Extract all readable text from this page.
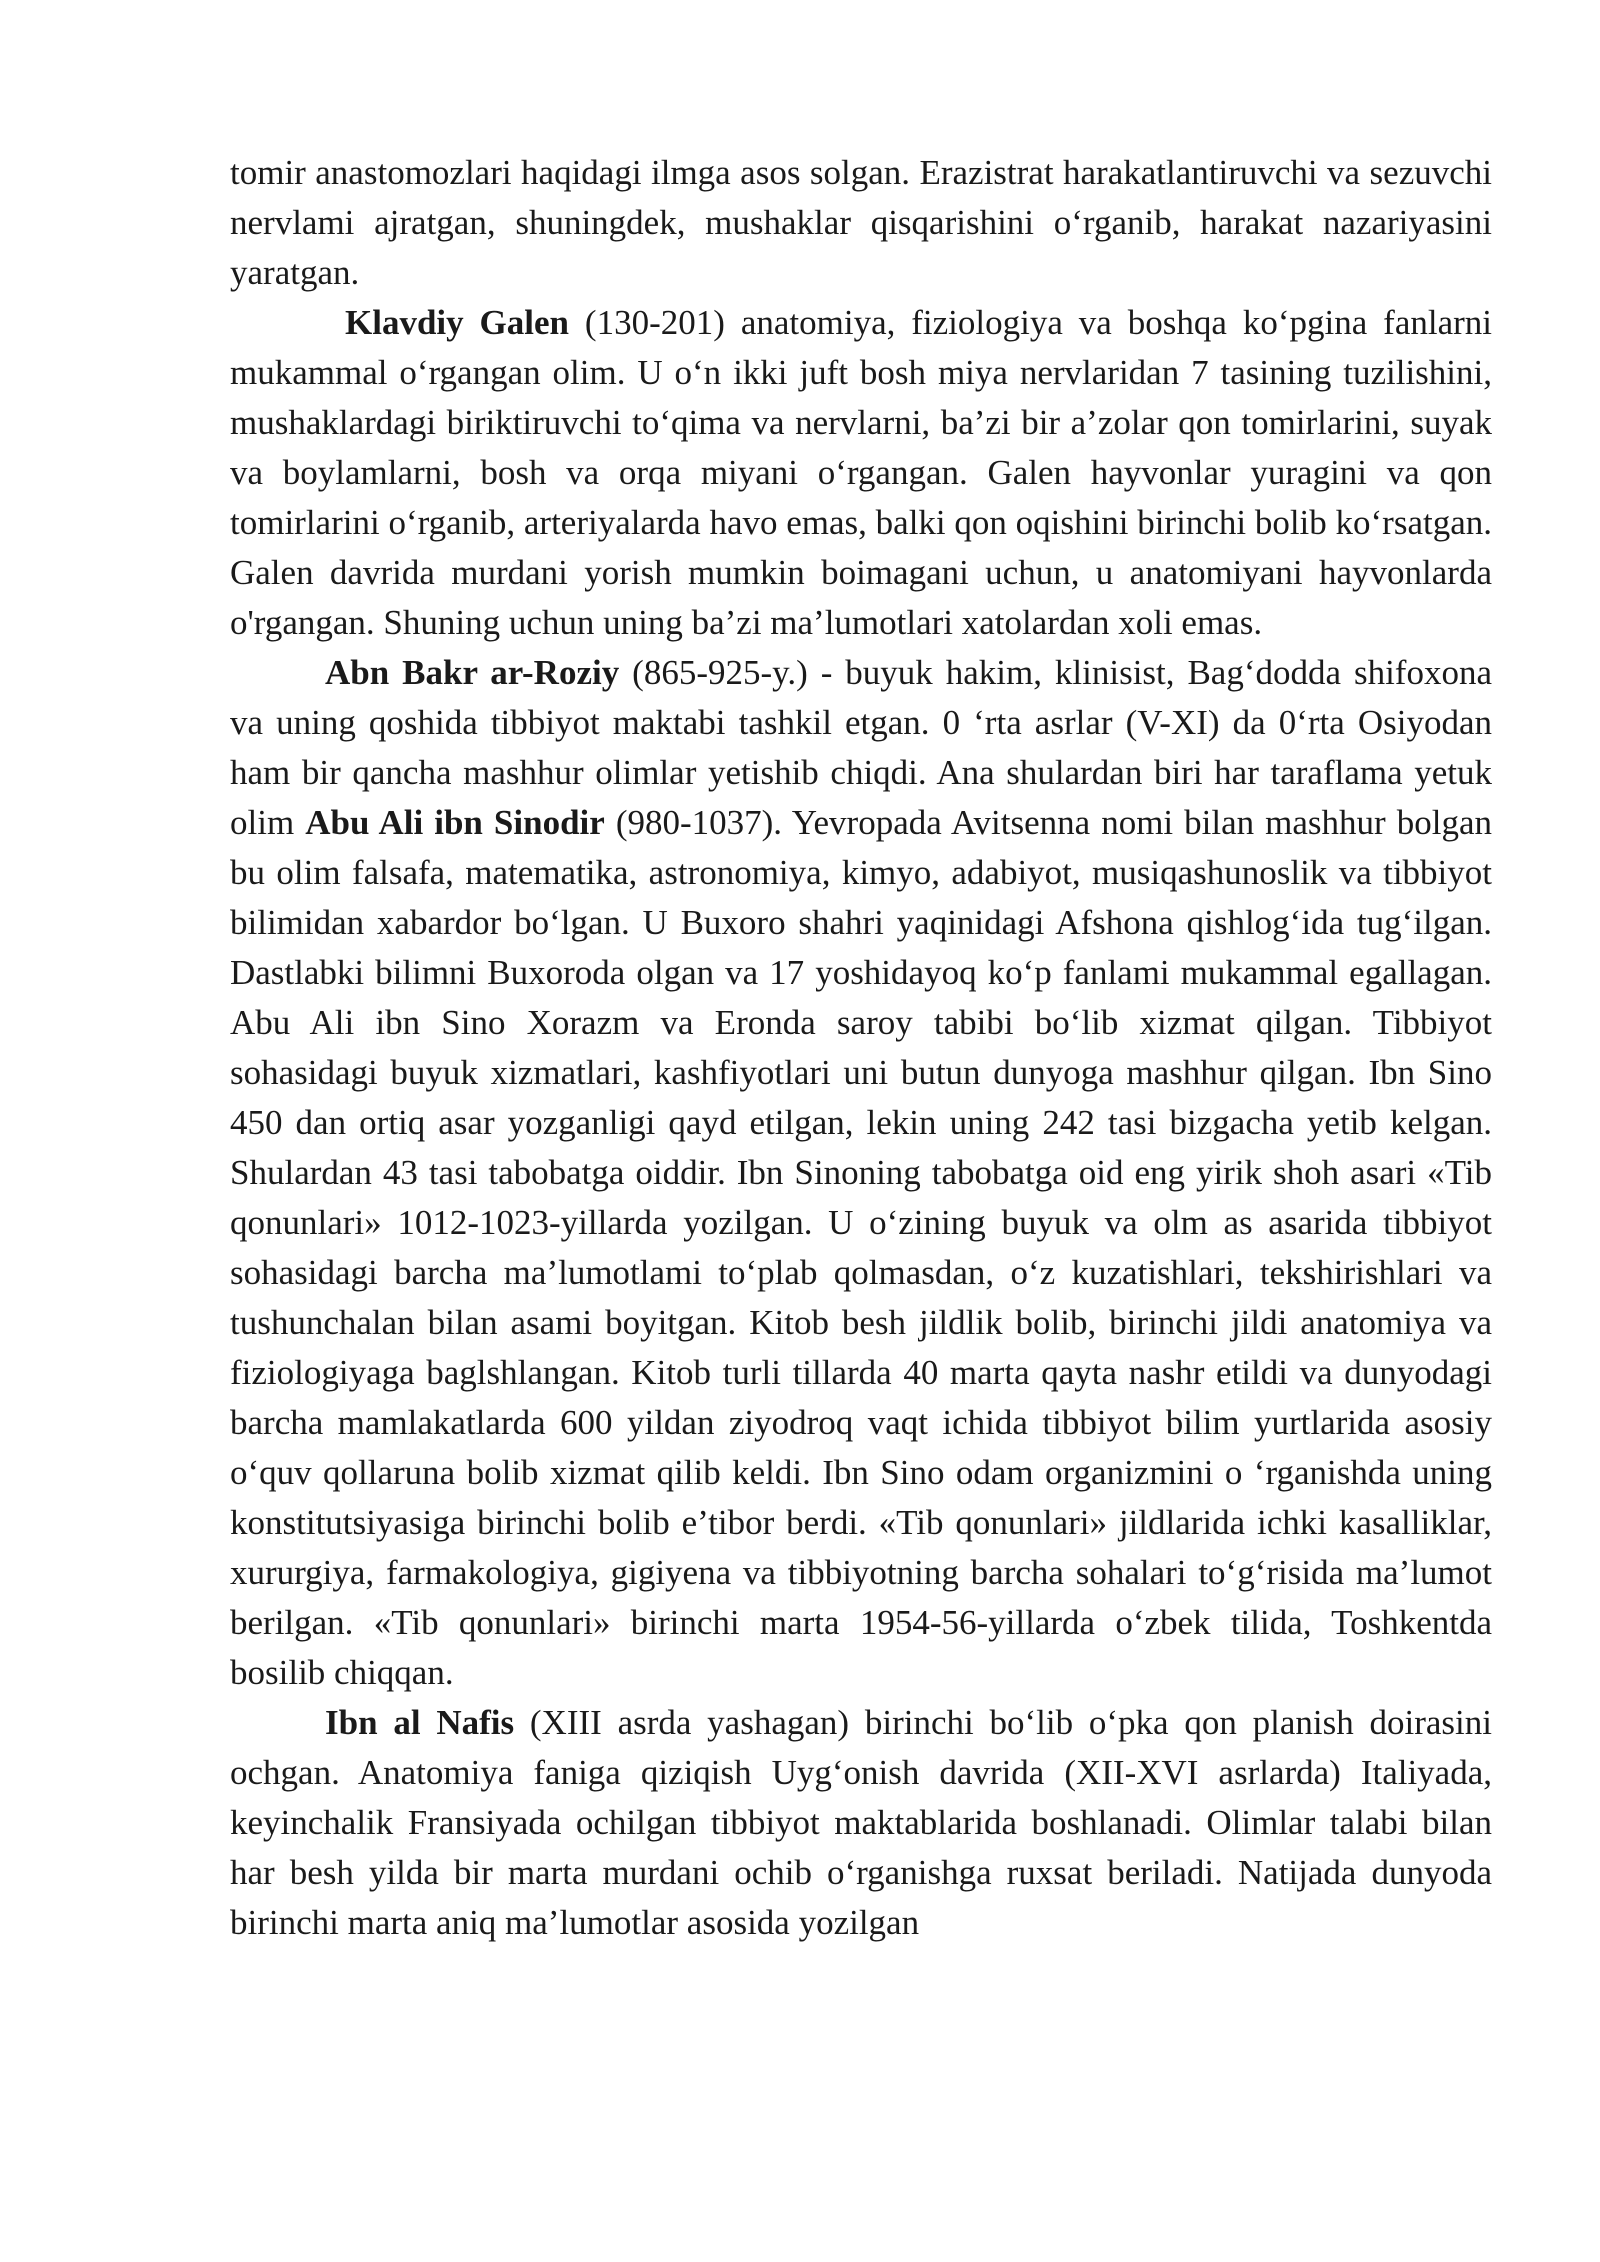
tomir anastomozlari haqidagi ilmga asos solgan. Erazistrat harakatlantiruvchi va sezuvchi nervlami ajratgan, shuningdek, mushaklar qisqarishini o‘rganib, harakat nazariyasini yaratgan.

Klavdiy Galen (130-201) anatomiya, fiziologiya va boshqa ko‘pgina fanlarni mukammal o‘rgangan olim. U o‘n ikki juft bosh miya nervlaridan 7 tasining tuzilishini, mushaklardagi biriktiruvchi to‘qima va nervlarni, ba’zi bir a’zolar qon tomirlarini, suyak va boylamlarni, bosh va orqa miyani o‘rgangan. Galen hayvonlar yuragini va qon tomirlarini o‘rganib, arteriyalarda havo emas, balki qon oqishini birinchi bolib ko‘rsatgan. Galen davrida murdani yorish mumkin boimagani uchun, u anatomiyani hayvonlarda o'rgangan. Shuning uchun uning ba’zi ma’lumotlari xatolardan xoli emas.

Abn Bakr ar-Roziy (865-925-y.) - buyuk hakim, klinisist, Bag‘dodda shifoxona va uning qoshida tibbiyot maktabi tashkil etgan. 0 ‘rta asrlar (V-XI) da 0‘rta Osiyodan ham bir qancha mashhur olimlar yetishib chiqdi. Ana shulardan biri har taraflama yetuk olim Abu Ali ibn Sinodir (980-1037). Yevropada Avitsenna nomi bilan mashhur bolgan bu olim falsafa, matematika, astronomiya, kimyo, adabiyot, musiqashunoslik va tibbiyot bilimidan xabardor bo‘lgan. U Buxoro shahri yaqinidagi Afshona qishlog‘ida tug‘ilgan. Dastlabki bilimni Buxoroda olgan va 17 yoshidayoq ko‘p fanlami mukammal egallagan. Abu Ali ibn Sino Xorazm va Eronda saroy tabibi bo‘lib xizmat qilgan. Tibbiyot sohasidagi buyuk xizmatlari, kashfiyotlari uni butun dunyoga mashhur qilgan. Ibn Sino 450 dan ortiq asar yozganligi qayd etilgan, lekin uning 242 tasi bizgacha yetib kelgan. Shulardan 43 tasi tabobatga oiddir. Ibn Sinoning tabobatga oid eng yirik shoh asari «Tib qonunlari» 1012-1023-yillarda yozilgan. U o‘zining buyuk va olm as asarida tibbiyot sohasidagi barcha ma’lumotlami to‘plab qolmasdan, o‘z kuzatishlari, tekshirishlari va tushunchalan bilan asami boyitgan. Kitob besh jildlik bolib, birinchi jildi anatomiya va fiziologiyaga baglshlangan. Kitob turli tillarda 40 marta qayta nashr etildi va dunyodagi barcha mamlakatlarda 600 yildan ziyodroq vaqt ichida tibbiyot bilim yurtlarida asosiy o‘quv qollaruna bolib xizmat qilib keldi. Ibn Sino odam organizmini o ‘rganishda uning konstitutsiyasiga birinchi bolib e’tibor berdi. «Tib qonunlari» jildlarida ichki kasalliklar, xururgiya, farmakologiya, gigiyena va tibbiyotning barcha sohalari to‘g‘risida ma’lumot berilgan. «Tib qonunlari» birinchi marta 1954-56-yillarda o‘zbek tilida, Toshkentda bosilib chiqqan.

Ibn al Nafis (XIII asrda yashagan) birinchi bo‘lib o‘pka qon planish doirasini ochgan. Anatomiya faniga qiziqish Uyg‘onish davrida (XII-XVI asrlarda) Italiyada, keyinchalik Fransiyada ochilgan tibbiyot maktablarida boshlanadi. Olimlar talabi bilan har besh yilda bir marta murdani ochib o‘rganishga ruxsat beriladi. Natijada dunyoda birinchi marta aniq ma’lumotlar asosida yozilgan
